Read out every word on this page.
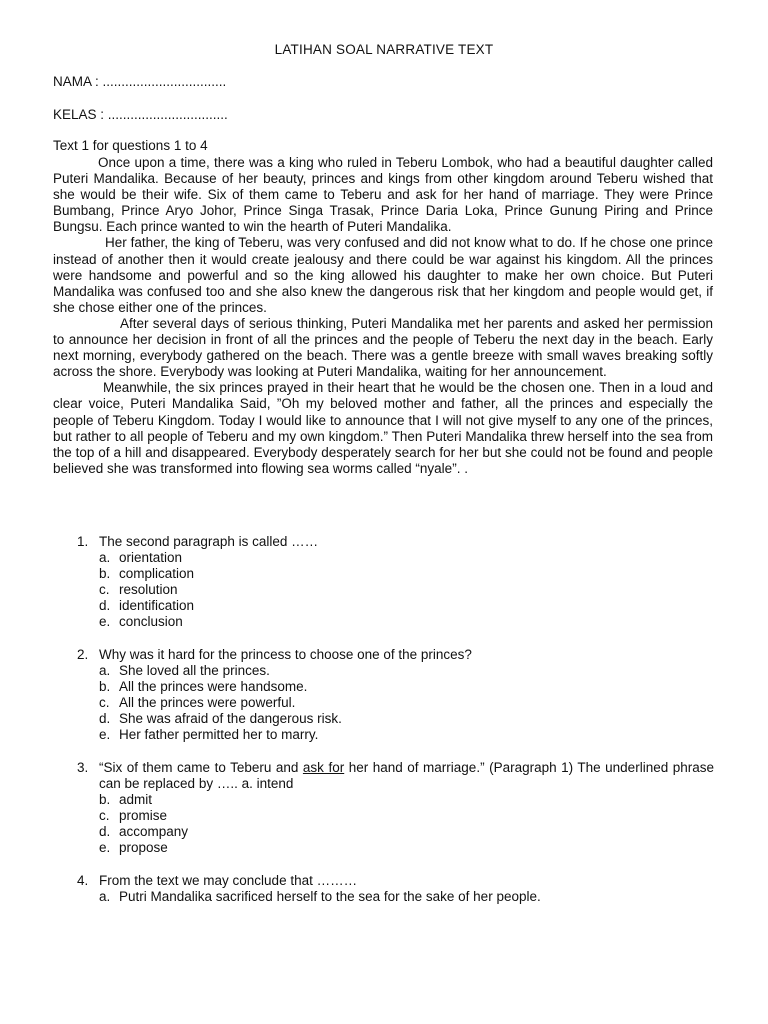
LATIHAN SOAL NARRATIVE TEXT
NAMA : .................................
KELAS : ................................
Text 1 for questions 1 to 4

Once upon a time, there was a king who ruled in Teberu Lombok, who had a beautiful daughter called Puteri Mandalika. Because of her beauty, princes and kings from other kingdom around Teberu wished that she would be their wife. Six of them came to Teberu and ask for her hand of marriage. They were Prince Bumbang, Prince Aryo Johor, Prince Singa Trasak, Prince Daria Loka, Prince Gunung Piring and Prince Bungsu. Each prince wanted to win the hearth of Puteri Mandalika.

Her father, the king of Teberu, was very confused and did not know what to do. If he chose one prince instead of another then it would create jealousy and there could be war against his kingdom. All the princes were handsome and powerful and so the king allowed his daughter to make her own choice. But Puteri Mandalika was confused too and she also knew the dangerous risk that her kingdom and people would get, if she chose either one of the princes.

After several days of serious thinking, Puteri Mandalika met her parents and asked her permission to announce her decision in front of all the princes and the people of Teberu the next day in the beach. Early next morning, everybody gathered on the beach. There was a gentle breeze with small waves breaking softly across the shore. Everybody was looking at Puteri Mandalika, waiting for her announcement.

Meanwhile, the six princes prayed in their heart that he would be the chosen one. Then in a loud and clear voice, Puteri Mandalika Said, ”Oh my beloved mother and father, all the princes and especially the people of Teberu Kingdom. Today I would like to announce that I will not give myself to any one of the princes, but rather to all people of Teberu and my own kingdom.” Then Puteri Mandalika threw herself into the sea from the top of a hill and disappeared. Everybody desperately search for her but she could not be found and people believed she was transformed into flowing sea worms called “nyale”. .

1. The second paragraph is called ……
a. orientation
b. complication
c. resolution
d. identification
e. conclusion
2. Why was it hard for the princess to choose one of the princes?
a. She loved all the princes.
b. All the princes were handsome.
c. All the princes were powerful.
d. She was afraid of the dangerous risk.
e. Her father permitted her to marry.
3. “Six of them came to Teberu and ask for her hand of marriage.” (Paragraph 1) The underlined phrase can be replaced by ….. a. intend
b. admit
c. promise
d. accompany
e. propose
4. From the text we may conclude that ………
a. Putri Mandalika sacrificed herself to the sea for the sake of her people.
